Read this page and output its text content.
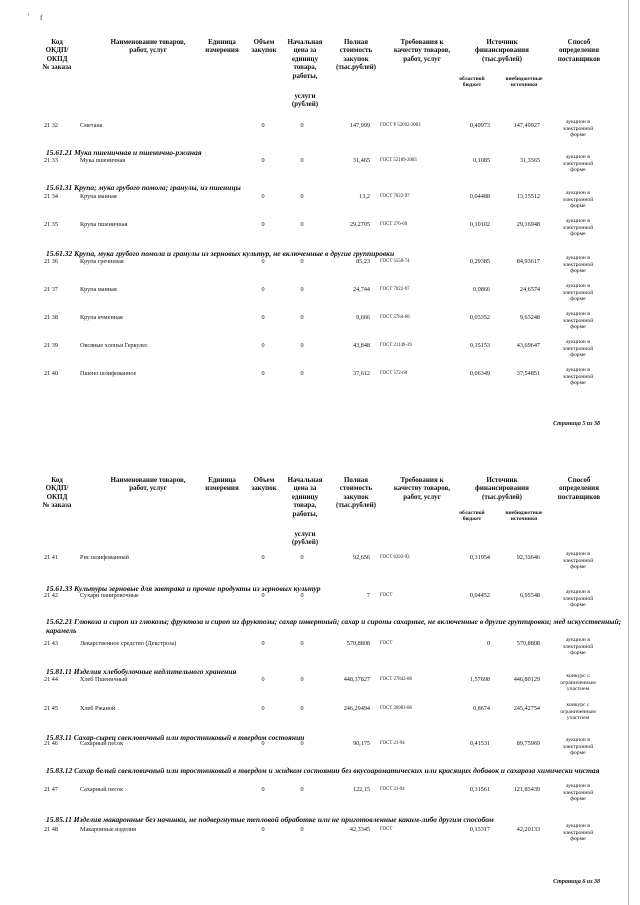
' f
Код
ОКДП/
ОКПД
№ заказа
Наименование товаров,
работ, услуг
Единица
измерения
Объем
закупок
Начальная
цена за
единицу
товара,
работы,
услуги
(рублей)
Полная
стоимость
закупок
(тыс.рублей)
Требования к
качеству товаров,
работ, услуг
Источник
финансирования
(тыс.рублей)
областной
бюджет
внебюджетные
источники
Способ
определения
поставщиков
15.61.21 Мука пшеничная и пшенично-ржаная
15.61.31 Крупа; мука грубого помола; гранулы, из пшеницы
15.61.32 Крупа, мука грубого помола и гранулы из зерновых культур, не включенные в другие группировки
21 32	Сметана	0	0	147,999 ГОСТ Р 52092-2003	0,49973	147,49927	аукцион в
электронной
форме
21 33	Мука пшеничная	0	0	31,465 ГОСТ 52189-2003	0,1085	31,3565	аукцион в
электронной
форме
21 34	Крупа манная	0	0	13,2 ГОСТ 7022-97	0,04488	13,15512	аукцион в
электронной
форме
21 35	Крупа пшеничная	0	0	29,2705 ГОСТ 276-60	0,10102	29,16948	аукцион в
электронной
форме
21 36	Крупа гречневая	0	0	85,23 ГОСТ 5550-74	0,29385	84,93617	аукцион в
электронной
форме
21 37	Крупа манная	0	0	24,744 ГОСТ 7022-97	0,0866	24,6574	аукцион в
электронной
форме
21 38	Крупа ячменная	0	0	9,666 ГОСТ 5784-60	0,03352	9,63248	аукцион в
электронной
форме
21 39	Овсяные хлопья Геркулес	0	0	43,848 ГОСТ 21149-39	0,15153	43,69647	аукцион в
электронной
форме
21 40	Пшено шлифованное	0	0	37,612 ГОСТ 572-60	0,06349	37,54851	аукцион в
электронной
форме
Страница 5 из 38
Код
ОКДП/
ОКПД
№ заказа
Наименование товаров,
работ, услуг
Единица
измерения
Объем
закупок
Начальная
цена за
единицу
товара,
работы,
услуги
(рублей)
Полная
стоимость
закупок
(тыс.рублей)
Требования к
качеству товаров,
работ, услуг
Источник
финансирования
(тыс.рублей)
областной
бюджет
внебюджетные
источники
Способ
определения
поставщиков
15.61.33 Культуры зерновые для завтрака и прочие продукты из зерновых культур
15.62.21 Глюкоза и сироп из глюкозы; фруктоза и сироп из фруктозы; сахар инвертный; сахар и сиропы сахарные, не включенные в другие группировки; мед искусственный; карамель
15.81.11 Изделия хлебобулочные недлительного хранения
15.83.11 Сахар-сырец свекловичный или тростниковый в твердом состоянии
15.83.12 Сахар белый свекловичный или тростниковый в твердом и жидком состоянии без вкусоароматических или красящих добавок и сахароза химически чистая
15.85.11 Изделия макаронные без начинки, не подвергнутые тепловой обработке или не приготовленные каким-либо другим способом
21 41	Рис шлифованный	0	0	92,656 ГОСТ 6292-93	0,31954	92,33646	аукцион в
электронной
форме
21 42	Сухари панировочные	0	0	7 ГОСТ	0,04452	6,95548	аукцион в
электронной
форме
21 43	Лекарственное средство (Декстроза)	0	0	570,8808 ГОСТ	0	570,8808	аукцион в
электронной
форме
21 44	Хлеб Пшеничный	0	0	448,37827 ГОСТ 27842-88	1,57698	446,80129	конкурс с
ограниченным
участием
21 45	Хлеб Ржаной	0	0	246,29494 ГОСТ 26983-86	0,8674	245,42754	конкурс с
ограниченным
участием
21 46	Сахарный песок	0	0	90,175 ГОСТ 21-94	0,41531	89,75969	аукцион в
электронной
форме
21 47	Сахарный песок	0	0	122,15 ГОСТ 21-94	0,31561	121,83439	аукцион в
электронной
форме
21 48	Макаронные изделия	0	0	42,3345 ГОСТ	0,13317	42,20133	аукцион в
электронной
форме
Страница 6 из 38
